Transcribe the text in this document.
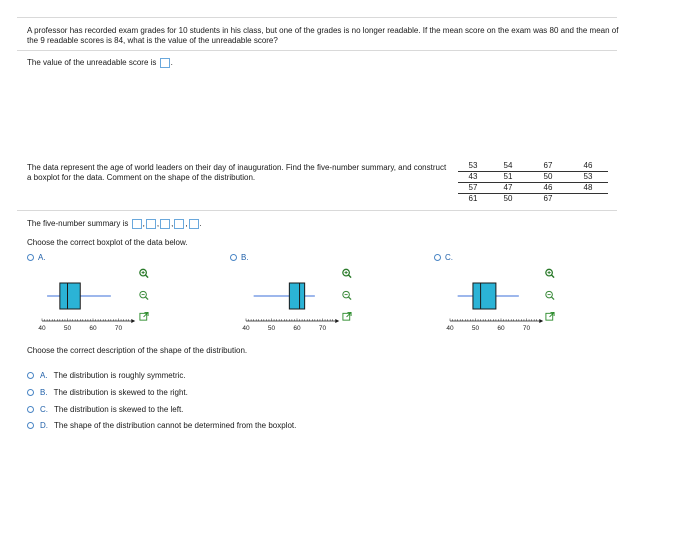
A professor has recorded exam grades for 10 students in his class, but one of the grades is no longer readable. If the mean score on the exam was 80 and the mean of the 9 readable scores is 84, what is the value of the unreadable score?
The value of the unreadable score is
.
The data represent the age of world leaders on their day of inauguration. Find the five-number summary, and construct a boxplot for the data. Comment on the shape of the distribution.
53	54	67	46
43	51	50	53
57	47	46	48
61	50	67	
The five-number summary is
, , , , .
Choose the correct boxplot of the data below.
A.	B.	C.
40	50	60	70	40	50	60	70	40	50	60	70
Choose the correct description of the shape of the distribution.
A. The distribution is roughly symmetric.
B. The distribution is skewed to the right.
C. The distribution is skewed to the left.
D. The shape of the distribution cannot be determined from the boxplot.
